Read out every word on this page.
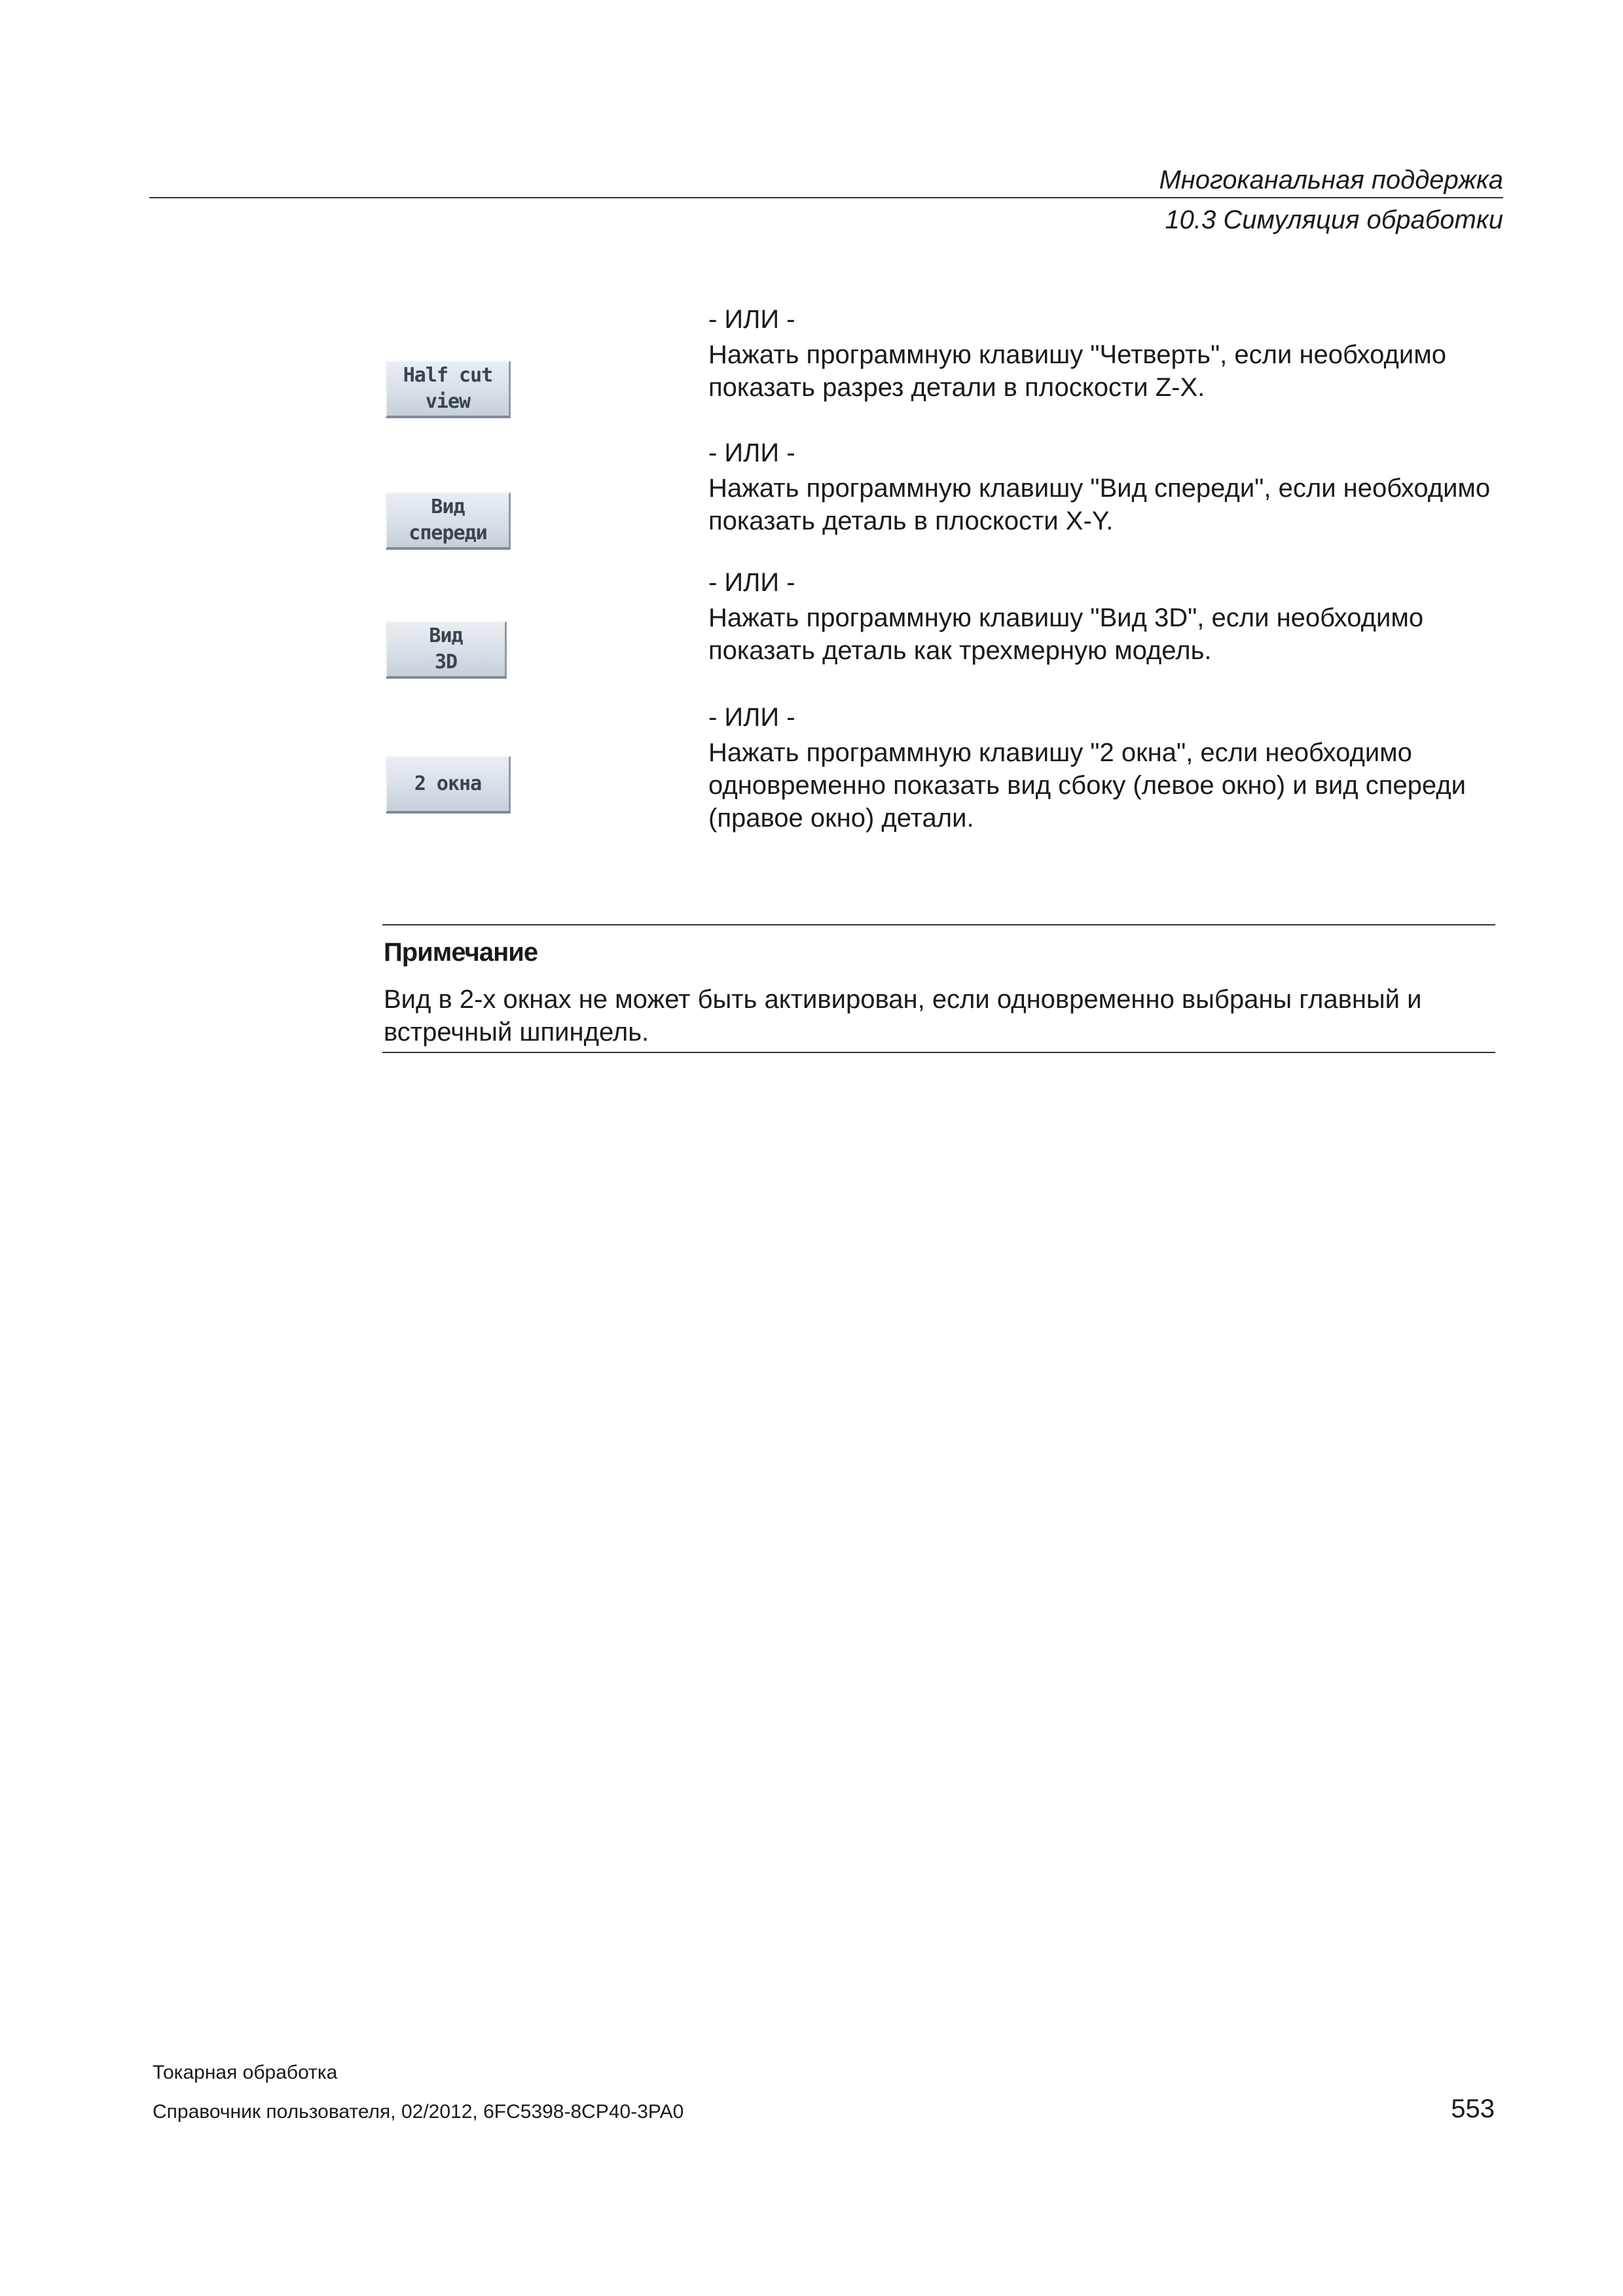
Многоканальная поддержка
10.3 Симуляция обработки
Half cut
view
- ИЛИ -
Нажать программную клавишу "Четверть", если необходимо показать разрез детали в плоскости Z-X.
Вид
спереди
- ИЛИ -
Нажать программную клавишу "Вид спереди", если необходимо показать деталь в плоскости X-Y.
Вид
3D
- ИЛИ -
Нажать программную клавишу "Вид 3D", если необходимо показать деталь как трехмерную модель.
2 окна
- ИЛИ -
Нажать программную клавишу "2 окна", если необходимо одновременно показать вид сбоку (левое окно) и вид спереди (правое окно) детали.
Примечание
Вид в 2-х окнах не может быть активирован, если одновременно выбраны главный и встречный шпиндель.
Токарная обработка
Справочник пользователя, 02/2012, 6FC5398-8CP40-3PA0	553
